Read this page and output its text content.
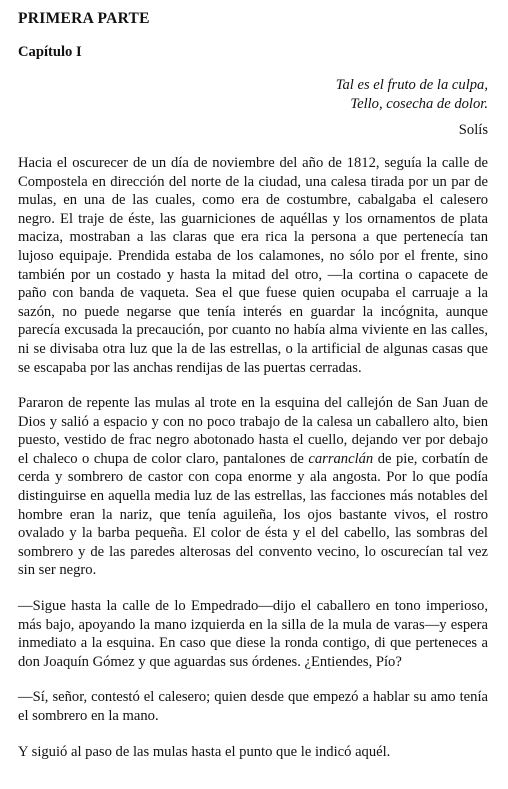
PRIMERA PARTE
Capítulo I
Tal es el fruto de la culpa,
Tello, cosecha de dolor.
Solís

Hacia el oscurecer de un día de noviembre del año de 1812, seguía la calle de Compostela en dirección del norte de la ciudad, una calesa tirada por un par de mulas, en una de las cuales, como era de costumbre, cabalgaba el calesero negro. El traje de éste, las guarniciones de aquéllas y los ornamentos de plata maciza, mostraban a las claras que era rica la persona a que pertenecía tan lujoso equipaje. Prendida estaba de los calamones, no sólo por el frente, sino también por un costado y hasta la mitad del otro, —la cortina o capacete de paño con banda de vaqueta. Sea el que fuese quien ocupaba el carruaje a la sazón, no puede negarse que tenía interés en guardar la incógnita, aunque parecía excusada la precaución, por cuanto no había alma viviente en las calles, ni se divisaba otra luz que la de las estrellas, o la artificial de algunas casas que se escapaba por las anchas rendijas de las puertas cerradas.

Pararon de repente las mulas al trote en la esquina del callejón de San Juan de Dios y salió a espacio y con no poco trabajo de la calesa un caballero alto, bien puesto, vestido de frac negro abotonado hasta el cuello, dejando ver por debajo el chaleco o chupa de color claro, pantalones de carranclán de pie, corbatín de cerda y sombrero de castor con copa enorme y ala angosta. Por lo que podía distinguirse en aquella media luz de las estrellas, las facciones más notables del hombre eran la nariz, que tenía aguileña, los ojos bastante vivos, el rostro ovalado y la barba pequeña. El color de ésta y el del cabello, las sombras del sombrero y de las paredes alterosas del convento vecino, lo oscurecían tal vez sin ser negro.

—Sigue hasta la calle de lo Empedrado—dijo el caballero en tono imperioso, más bajo, apoyando la mano izquierda en la silla de la mula de varas—y espera inmediato a la esquina. En caso que diese la ronda contigo, di que perteneces a don Joaquín Gómez y que aguardas sus órdenes. ¿Entiendes, Pío?

—Sí, señor, contestó el calesero; quien desde que empezó a hablar su amo tenía el sombrero en la mano.

Y siguió al paso de las mulas hasta el punto que le indicó aquél.
